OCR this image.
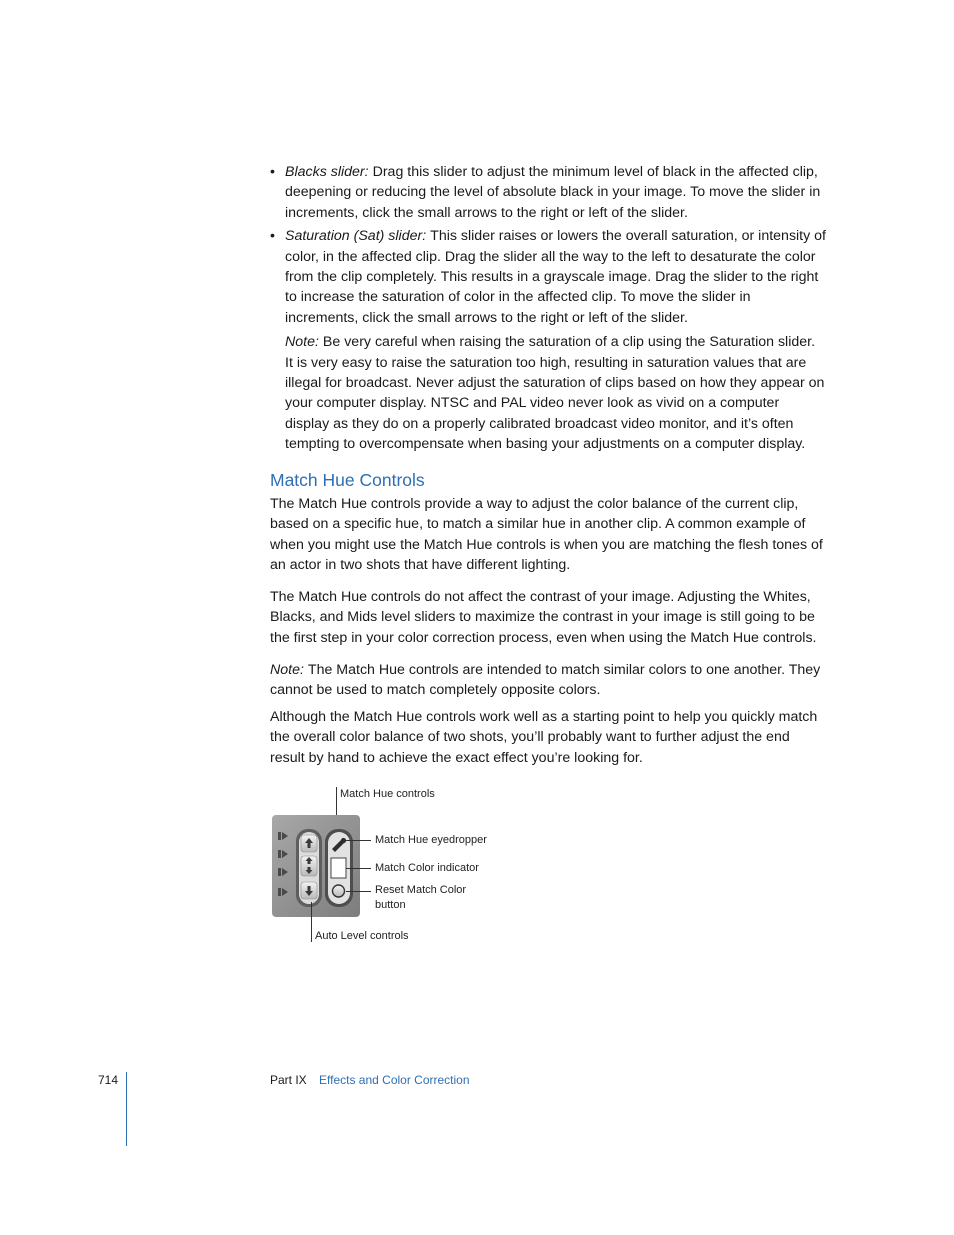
• Blacks slider: Drag this slider to adjust the minimum level of black in the affected clip, deepening or reducing the level of absolute black in your image. To move the slider in increments, click the small arrows to the right or left of the slider.

• Saturation (Sat) slider: This slider raises or lowers the overall saturation, or intensity of color, in the affected clip. Drag the slider all the way to the left to desaturate the color from the clip completely. This results in a grayscale image. Drag the slider to the right to increase the saturation of color in the affected clip. To move the slider in increments, click the small arrows to the right or left of the slider.

Note: Be very careful when raising the saturation of a clip using the Saturation slider. It is very easy to raise the saturation too high, resulting in saturation values that are illegal for broadcast. Never adjust the saturation of clips based on how they appear on your computer display. NTSC and PAL video never look as vivid on a computer display as they do on a properly calibrated broadcast video monitor, and it’s often tempting to overcompensate when basing your adjustments on a computer display.

Match Hue Controls

The Match Hue controls provide a way to adjust the color balance of the current clip, based on a specific hue, to match a similar hue in another clip. A common example of when you might use the Match Hue controls is when you are matching the flesh tones of an actor in two shots that have different lighting.

The Match Hue controls do not affect the contrast of your image. Adjusting the Whites, Blacks, and Mids level sliders to maximize the contrast in your image is still going to be the first step in your color correction process, even when using the Match Hue controls.

Note: The Match Hue controls are intended to match similar colors to one another. They cannot be used to match completely opposite colors.

Although the Match Hue controls work well as a starting point to help you quickly match the overall color balance of two shots, you’ll probably want to further adjust the end result by hand to achieve the exact effect you’re looking for.

Match Hue controls
Match Hue eyedropper
Match Color indicator
Reset Match Color
button
Auto Level controls
714	Part IX Effects and Color Correction
